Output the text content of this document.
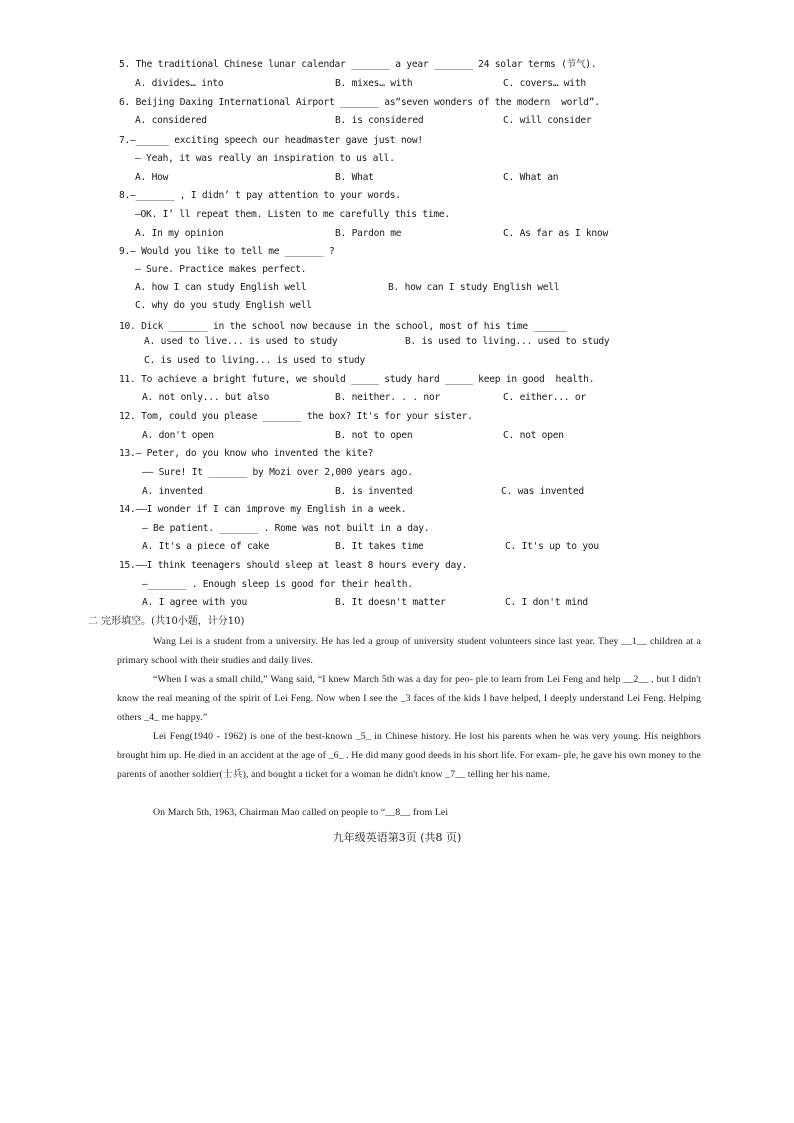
5. The traditional Chinese lunar calendar _______ a year _______ 24 solar terms (节气).
A. divides… into	B. mixes… with	C. covers… with
6. Beijing Daxing International Airport _______ as“seven wonders of the modern  world”.
A. considered	B. is considered	C. will consider
7.—______ exciting speech our headmaster gave just now!
— Yeah, it was really an inspiration to us all.
A. How	B. What	C. What an
8.—_______ , I didn’ t pay attention to your words.
—OK. I’ ll repeat them. Listen to me carefully this time.
A. In my opinion	B. Pardon me	C. As far as I know
9.— Would you like to tell me _______ ?
— Sure. Practice makes perfect.
A. how I can study English well	B. how can I study English well
C. why do you study English well
10. Dick _______ in the school now because in the school, most of his time ______
A. used to live... is used to study	B. is used to living... used to study
C. is used to living... is used to study
11. To achieve a bright future, we should _____ study hard _____ keep in good  health.
A. not only... but also	B. neither. . . nor	C. either... or
12. Tom, could you please _______ the box? It's for your sister.
A. don't open	B. not to open	C. not open
13.— Peter, do you know who invented the kite?
—— Sure! It _______ by Mozi over 2,000 years ago.
A. invented	B. is invented	C. was invented
14.——I wonder if I can improve my English in a week.
— Be patient. _______ . Rome was not built in a day.
A. It's a piece of cake	B. It takes time	C. It's up to you
15.——I think teenagers should sleep at least 8 hours every day.
—_______ . Enough sleep is good for their health.
A. I agree with you	B. It doesn't matter	C. I don't mind
二 完形填空。(共10小题，计分10)
Wang Lei is a student from a university. He has led a group of university student volunteers since last year. They __1__ children at a primary school with their studies and daily lives.
“When I was a small child,” Wang said, “I knew March 5th was a day for peo- ple to learn from Lei Feng and help __2__ , but I didn't know the real meaning of the spirit of Lei Feng. Now when I see the _3 faces of the kids I have helped, I deeply understand Lei Feng. Helping others _4_ me happy.”
Lei Feng(1940 - 1962) is one of the best-known _5_ in Chinese history. He lost his parents when he was very young. His neighbors brought him up. He died in an accident at the age of _6_ . He did many good deeds in his short life. For exam- ple, he gave his own money to the parents of another soldier(士兵), and bought a ticket for a woman he didn't know _7__ telling her his name.
On March 5th, 1963, Chairman Mao called on people to “__8__ from Lei
九年级英语第3页 (共8 页)
